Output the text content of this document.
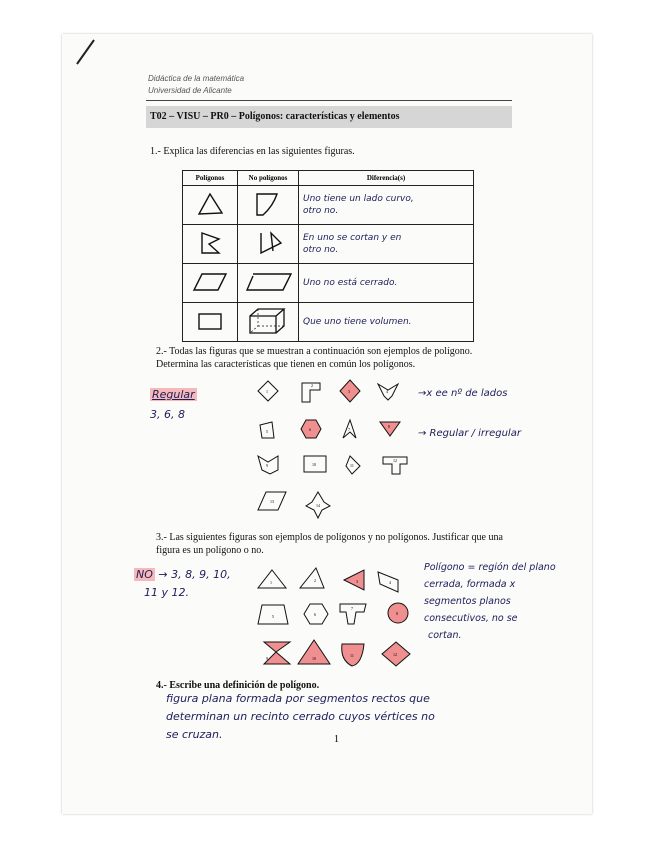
Didáctica de la matemática
Universidad de Alicante
T02 – VISU – PR0 – Polígonos: características y elementos
1.- Explica las diferencias en las siguientes figuras.
Polígonos	No polígonos	Diferencia(s)

Uno tiene un lado curvo,
otro no.

En uno se cortan y en
otro no.

Uno no está cerrado.

Que uno tiene volumen.
2.- Todas las figuras que se muestran a continuación son ejemplos de polígono.
Determina las características que tienen en común los polígonos.
Regular
3, 6, 8
→x ee nº de lados
→ Regular / irregular
1
2
3	4
5	6	7
8
9	10	11
12
13
14
1	2	3	4
5	6
7
8
9	10
11	12
3.- Las siguientes figuras son ejemplos de polígonos y no polígonos. Justificar que una
figura es un polígono o no.
NO → 3, 8, 9, 10,
11 y 12.
Polígono = región del plano
cerrada, formada x
segmentos planos
consecutivos, no se
cortan.
4.- Escribe una definición de polígono.
figura plana formada por segmentos rectos que
determinan un recinto cerrado cuyos vértices no
se cruzan.	1
